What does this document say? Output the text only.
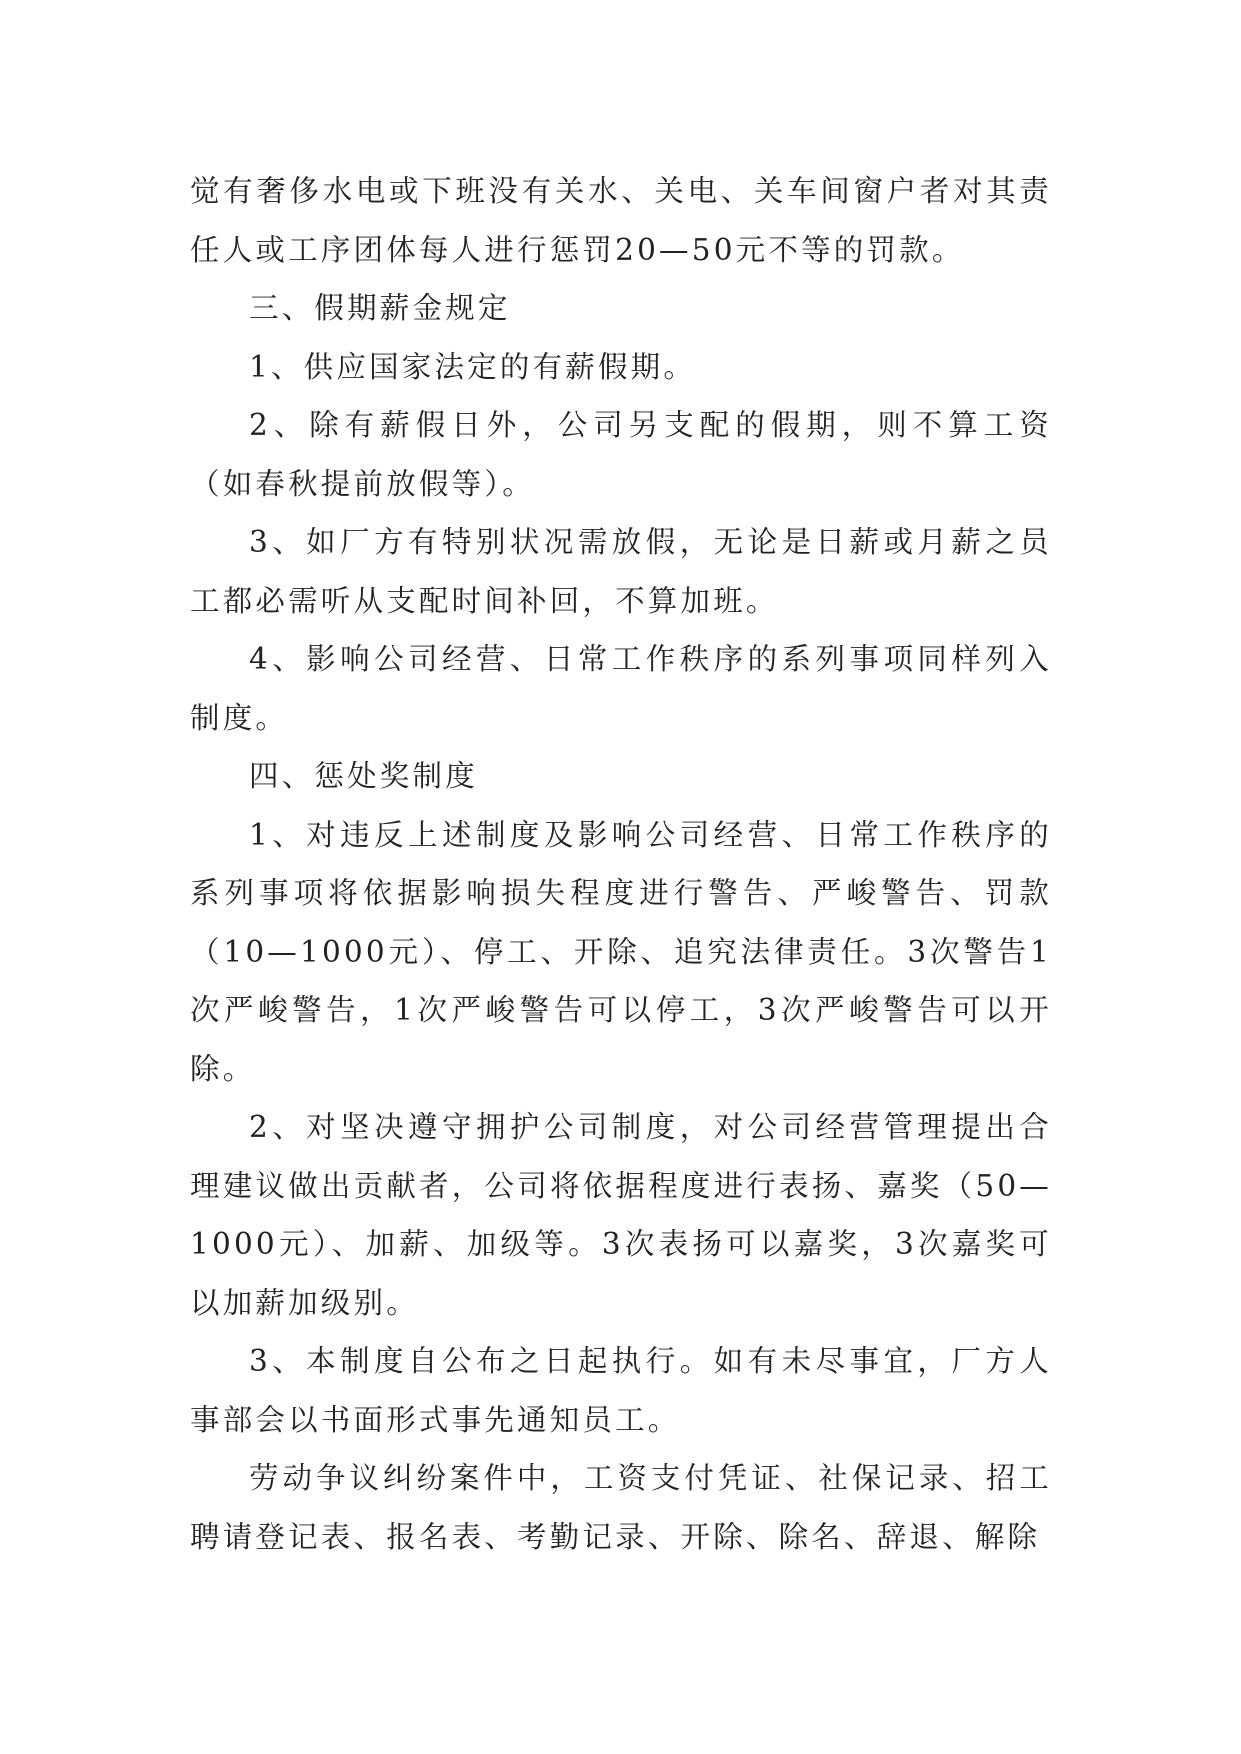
觉有奢侈水电或下班没有关水、关电、关车间窗户者对其责任人或工序团体每人进行惩罚20—50元不等的罚款。

三、假期薪金规定

1、供应国家法定的有薪假期。

2、除有薪假日外，公司另支配的假期，则不算工资（如春秋提前放假等）。

3、如厂方有特别状况需放假，无论是日薪或月薪之员工都必需听从支配时间补回，不算加班。

4、影响公司经营、日常工作秩序的系列事项同样列入制度。

四、惩处奖制度

1、对违反上述制度及影响公司经营、日常工作秩序的系列事项将依据影响损失程度进行警告、严峻警告、罚款（10—1000元）、停工、开除、追究法律责任。3次警告1次严峻警告，1次严峻警告可以停工，3次严峻警告可以开除。

2、对坚决遵守拥护公司制度，对公司经营管理提出合理建议做出贡献者，公司将依据程度进行表扬、嘉奖（50—1000元）、加薪、加级等。3次表扬可以嘉奖，3次嘉奖可以加薪加级别。

3、本制度自公布之日起执行。如有未尽事宜，厂方人事部会以书面形式事先通知员工。

劳动争议纠纷案件中，工资支付凭证、社保记录、招工聘请登记表、报名表、考勤记录、开除、除名、辞退、解除
